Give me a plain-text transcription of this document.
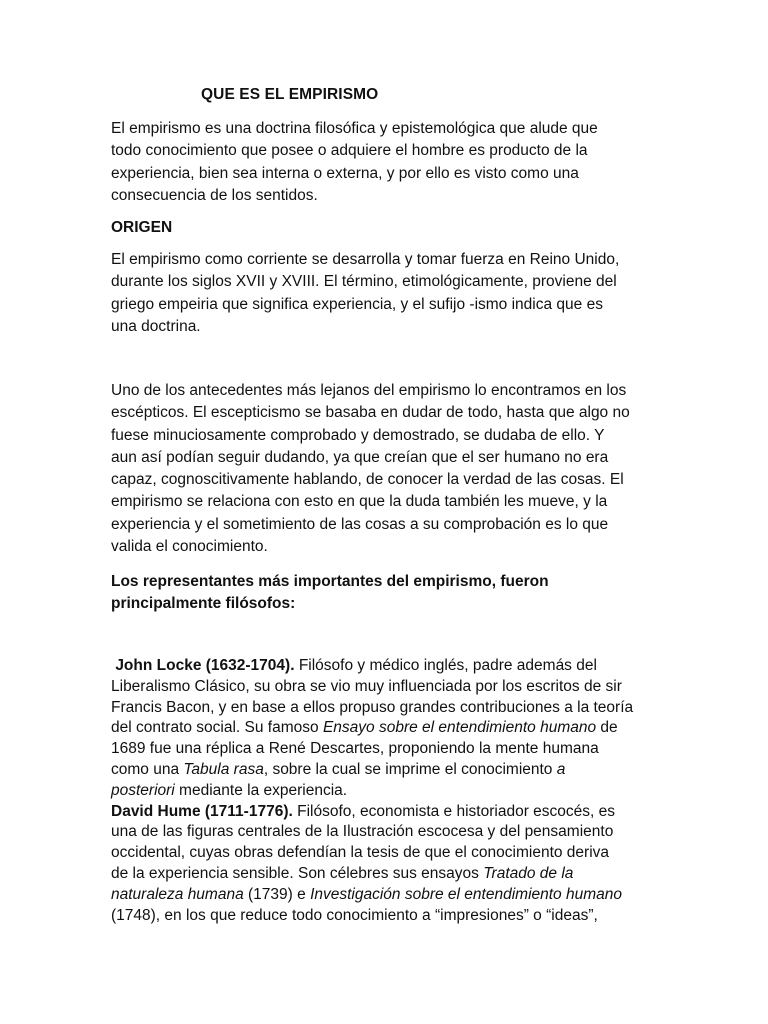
QUE ES EL EMPIRISMO
El empirismo es una doctrina filosófica y epistemológica que alude que
todo conocimiento que posee o adquiere el hombre es producto de la
experiencia, bien sea interna o externa, y por ello es visto como una
consecuencia de los sentidos.
ORIGEN
El empirismo como corriente se desarrolla y tomar fuerza en Reino Unido,
durante los siglos XVII y XVIII. El término, etimológicamente, proviene del
griego empeiria que significa experiencia, y el sufijo -ismo indica que es
una doctrina.
Uno de los antecedentes más lejanos del empirismo lo encontramos en los
escépticos. El escepticismo se basaba en dudar de todo, hasta que algo no
fuese minuciosamente comprobado y demostrado, se dudaba de ello. Y
aun así podían seguir dudando, ya que creían que el ser humano no era
capaz, cognoscitivamente hablando, de conocer la verdad de las cosas. El
empirismo se relaciona con esto en que la duda también les mueve, y la
experiencia y el sometimiento de las cosas a su comprobación es lo que
valida el conocimiento.
Los representantes más importantes del empirismo, fueron
principalmente filósofos:
John Locke (1632-1704). Filósofo y médico inglés, padre además del
Liberalismo Clásico, su obra se vio muy influenciada por los escritos de sir
Francis Bacon, y en base a ellos propuso grandes contribuciones a la teoría
del contrato social. Su famoso Ensayo sobre el entendimiento humano de
1689 fue una réplica a René Descartes, proponiendo la mente humana
como una Tabula rasa, sobre la cual se imprime el conocimiento a
posteriori mediante la experiencia.
David Hume (1711-1776). Filósofo, economista e historiador escocés, es
una de las figuras centrales de la Ilustración escocesa y del pensamiento
occidental, cuyas obras defendían la tesis de que el conocimiento deriva
de la experiencia sensible. Son célebres sus ensayos Tratado de la
naturaleza humana (1739) e Investigación sobre el entendimiento humano
(1748), en los que reduce todo conocimiento a “impresiones” o “ideas”,
